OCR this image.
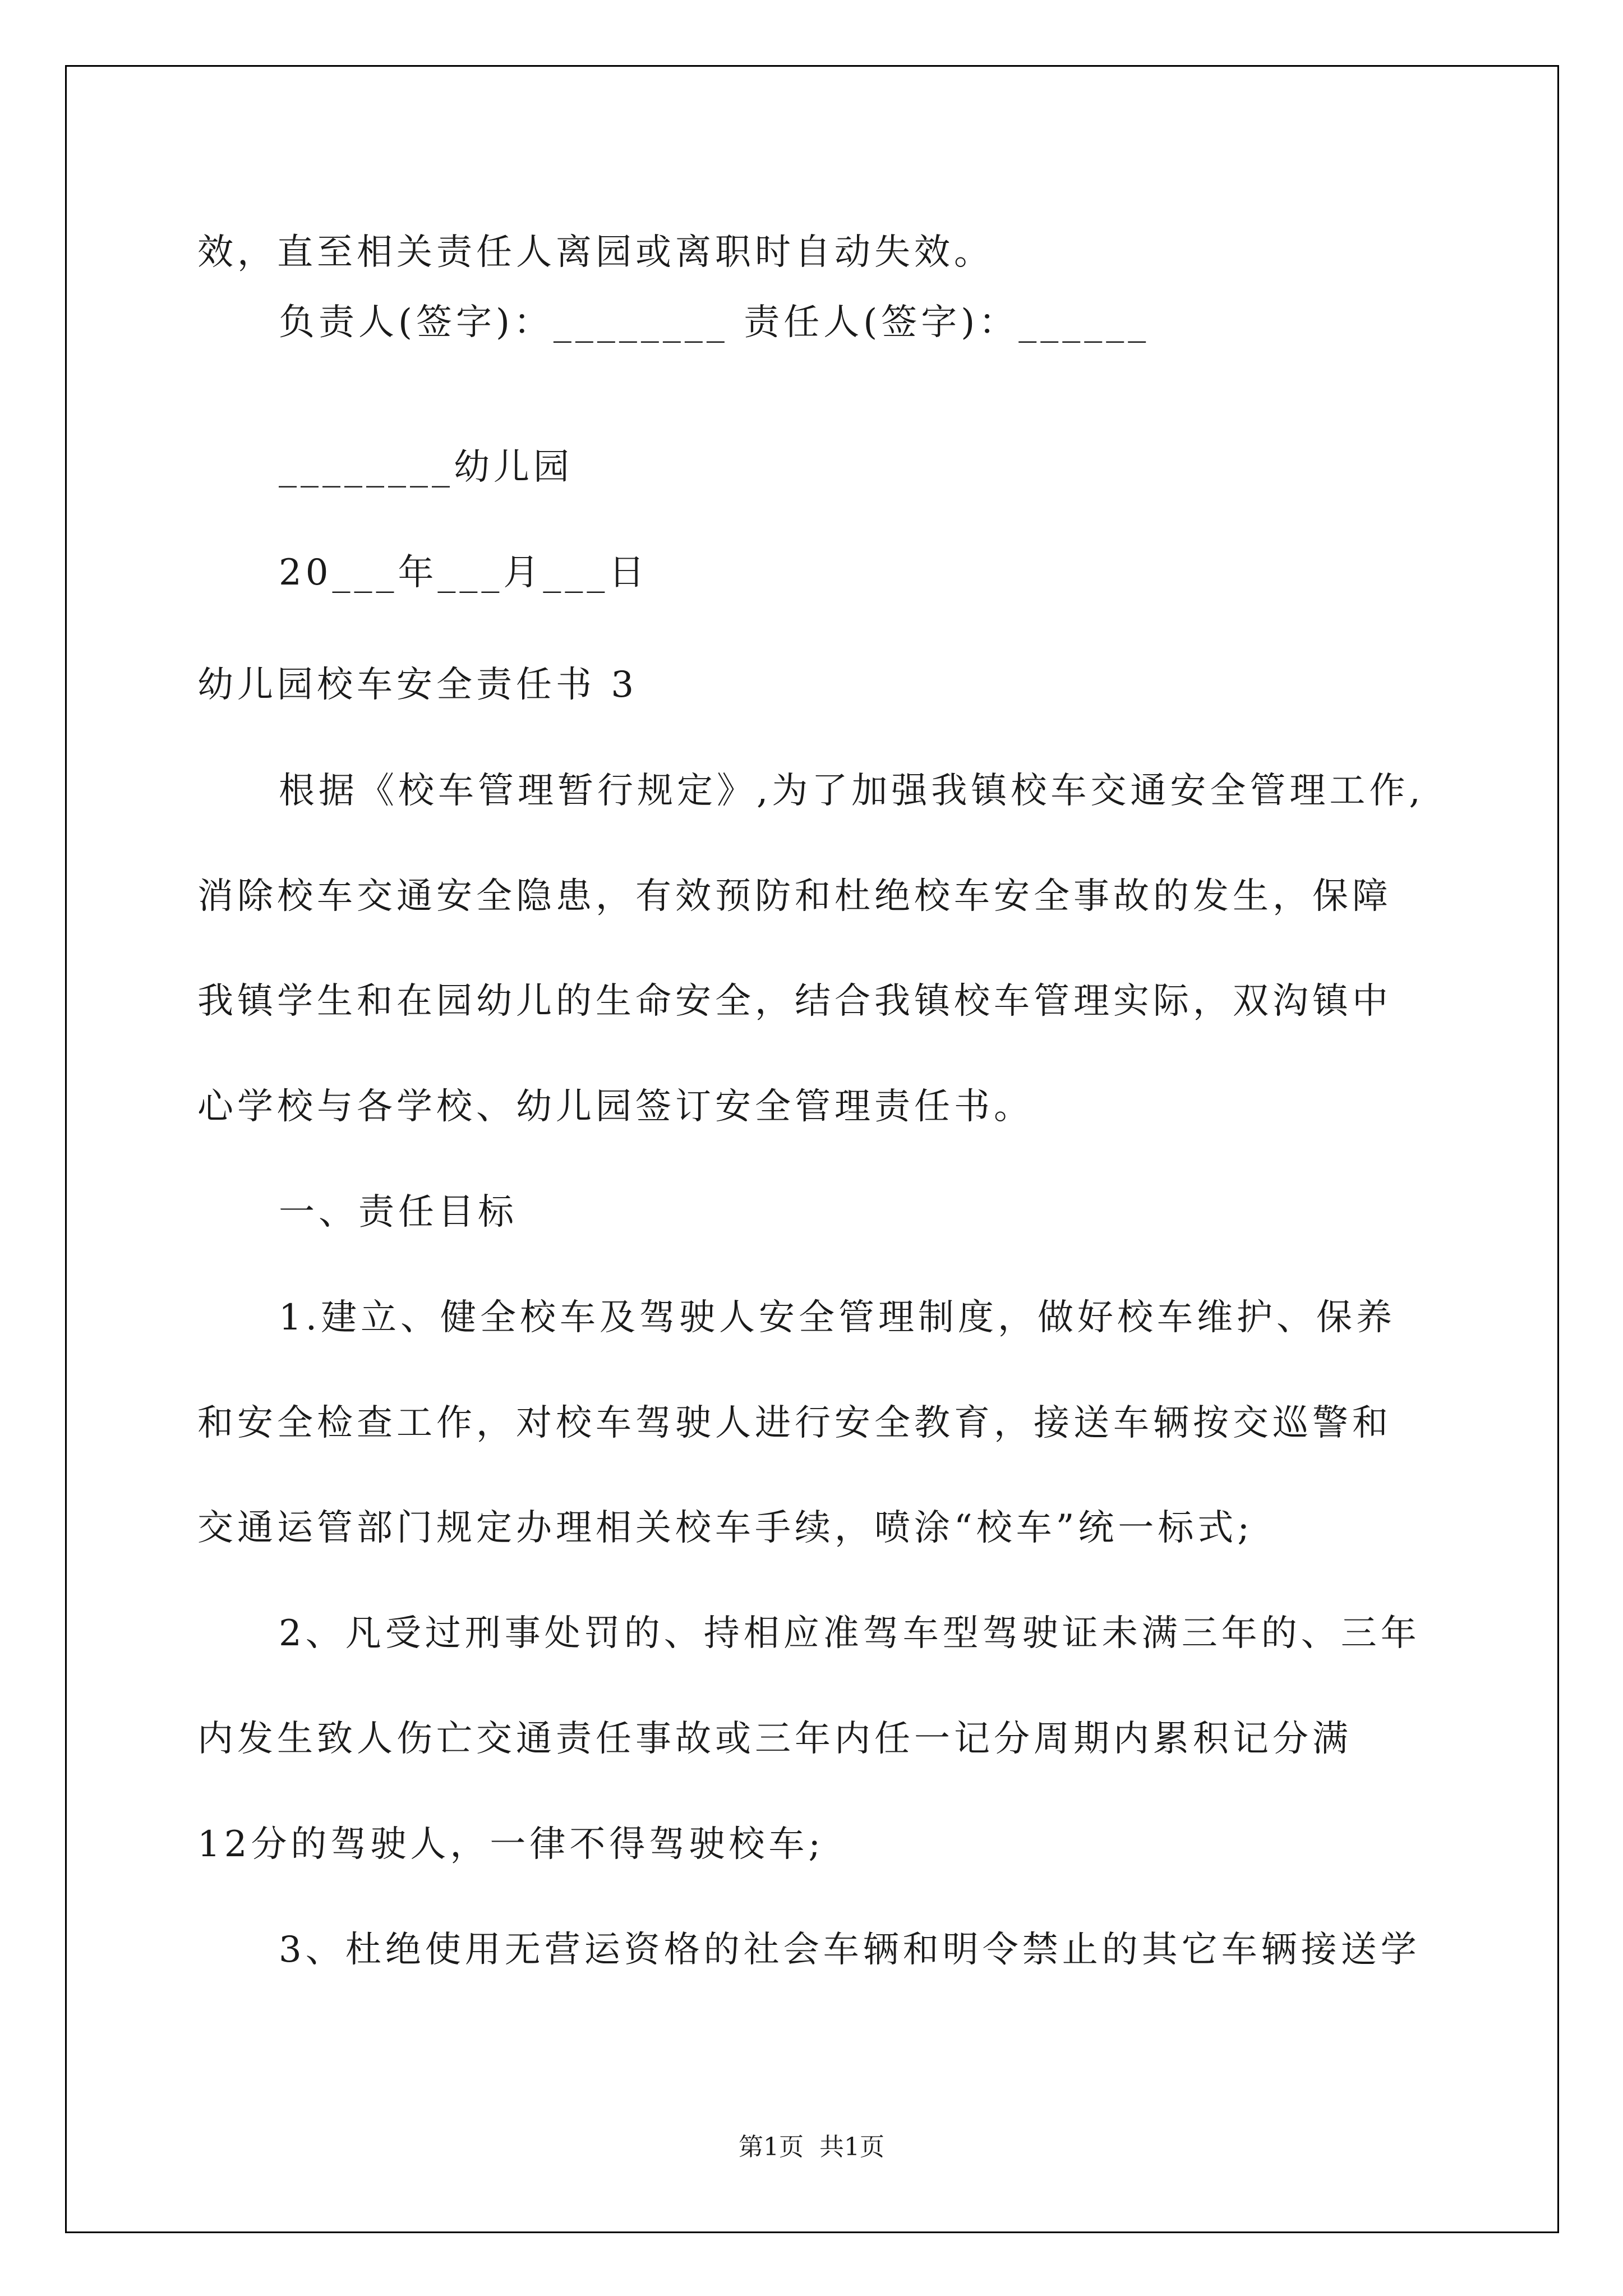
效，直至相关责任人离园或离职时自动失效。
负责人(签字)：________ 责任人(签字)：______
________幼儿园
20___年___月___日
幼儿园校车安全责任书 3
根据《校车管理暂行规定》,为了加强我镇校车交通安全管理工作,
消除校车交通安全隐患，有效预防和杜绝校车安全事故的发生，保障
我镇学生和在园幼儿的生命安全，结合我镇校车管理实际，双沟镇中
心学校与各学校、幼儿园签订安全管理责任书。
一、责任目标
1.建立、健全校车及驾驶人安全管理制度，做好校车维护、保养
和安全检查工作，对校车驾驶人进行安全教育，接送车辆按交巡警和
交通运管部门规定办理相关校车手续，喷涂“校车”统一标式;
2、凡受过刑事处罚的、持相应准驾车型驾驶证未满三年的、三年
内发生致人伤亡交通责任事故或三年内任一记分周期内累积记分满
12分的驾驶人，一律不得驾驶校车;
3、杜绝使用无营运资格的社会车辆和明令禁止的其它车辆接送学
第1页  共1页
